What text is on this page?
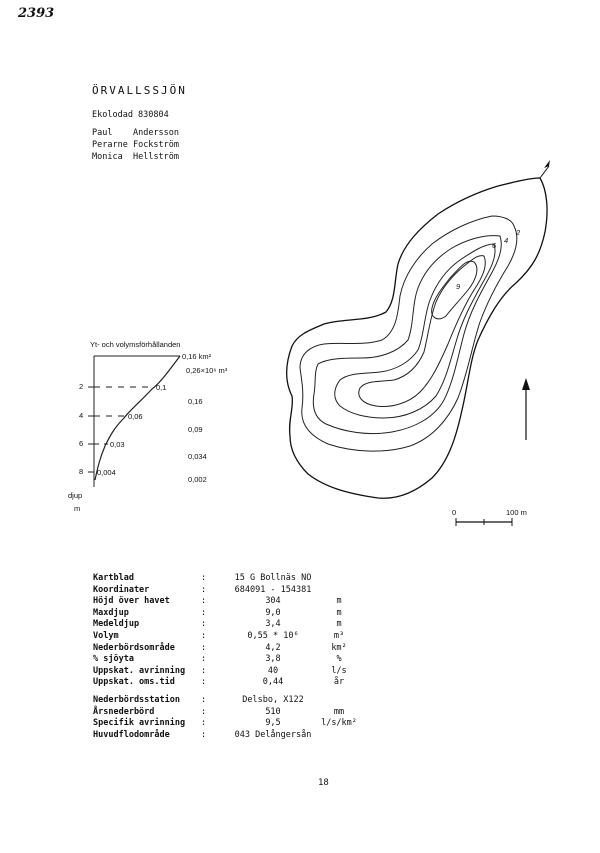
2393
ÖRVALLSSJÖN
Ekolodad 830804
Paul Andersson
Perarne Fockström
Monica Hellström
Yt- och volymsförhållanden
0,16 km²
0,26×10⁶ m³
2
4
6
8
0,1
0,06
0,03
0,004
0,16
0,09
0,034
0,002
djup
m
2
4
6
9
0	100 m
Kartblad	:	15 G Bollnäs NO
Koordinater	:	684091 - 154381
Höjd över havet	:	304	m
Maxdjup	:	9,0	m
Medeldjup	:	3,4	m
Volym	:	0,55 * 10⁶	m³
Nederbördsområde	:	4,2	km²
% sjöyta	:	3,8	%
Uppskat. avrinning	:	40	l/s
Uppskat. oms.tid	:	0,44	år
Nederbördsstation	:	Delsbo, X122
Årsnederbörd	:	510	mm
Specifik avrinning	:	9,5	l/s/km²
Huvudflodområde	:	043 Delångersån
18
